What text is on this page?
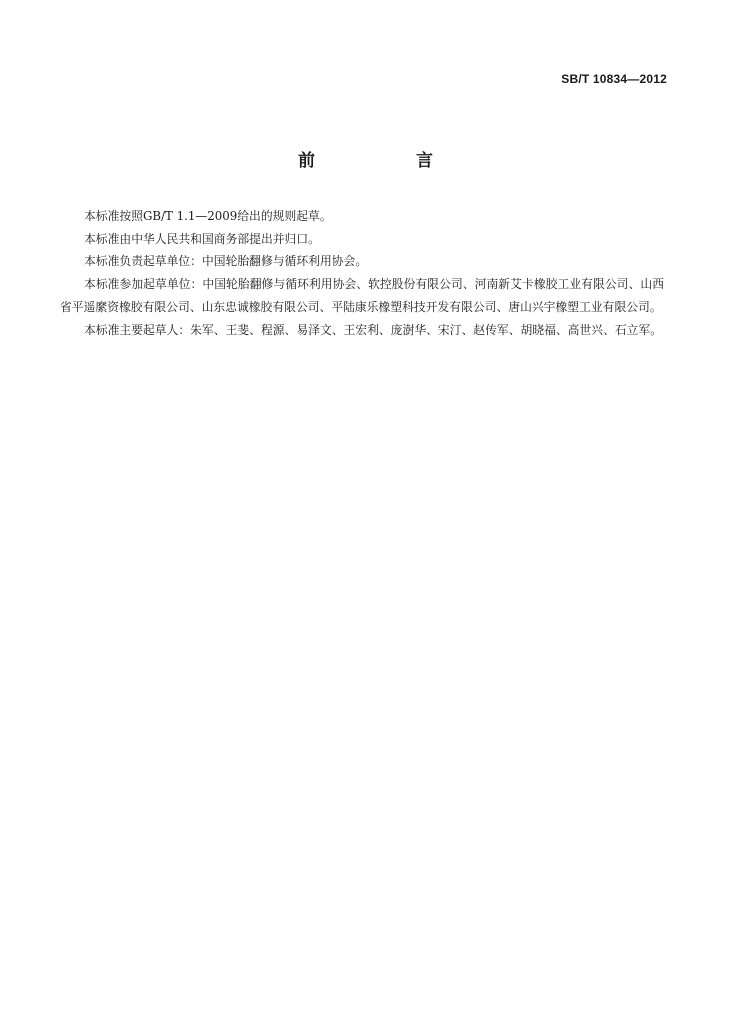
SB/T 10834—2012
前　言

本标准按照GB/T 1.1—2009给出的规则起草。

本标准由中华人民共和国商务部提出并归口。

本标准负责起草单位：中国轮胎翻修与循环利用协会。

本标准参加起草单位：中国轮胎翻修与循环利用协会、软控股份有限公司、河南新艾卡橡胶工业有限公司、山西省平遥縻资橡胶有限公司、山东忠诚橡胶有限公司、平陆康乐橡塑科技开发有限公司、唐山兴宇橡塑工业有限公司。

本标准主要起草人：朱军、王斐、程源、易泽文、王宏利、庞澍华、宋汀、赵传军、胡晓福、高世兴、石立军。
